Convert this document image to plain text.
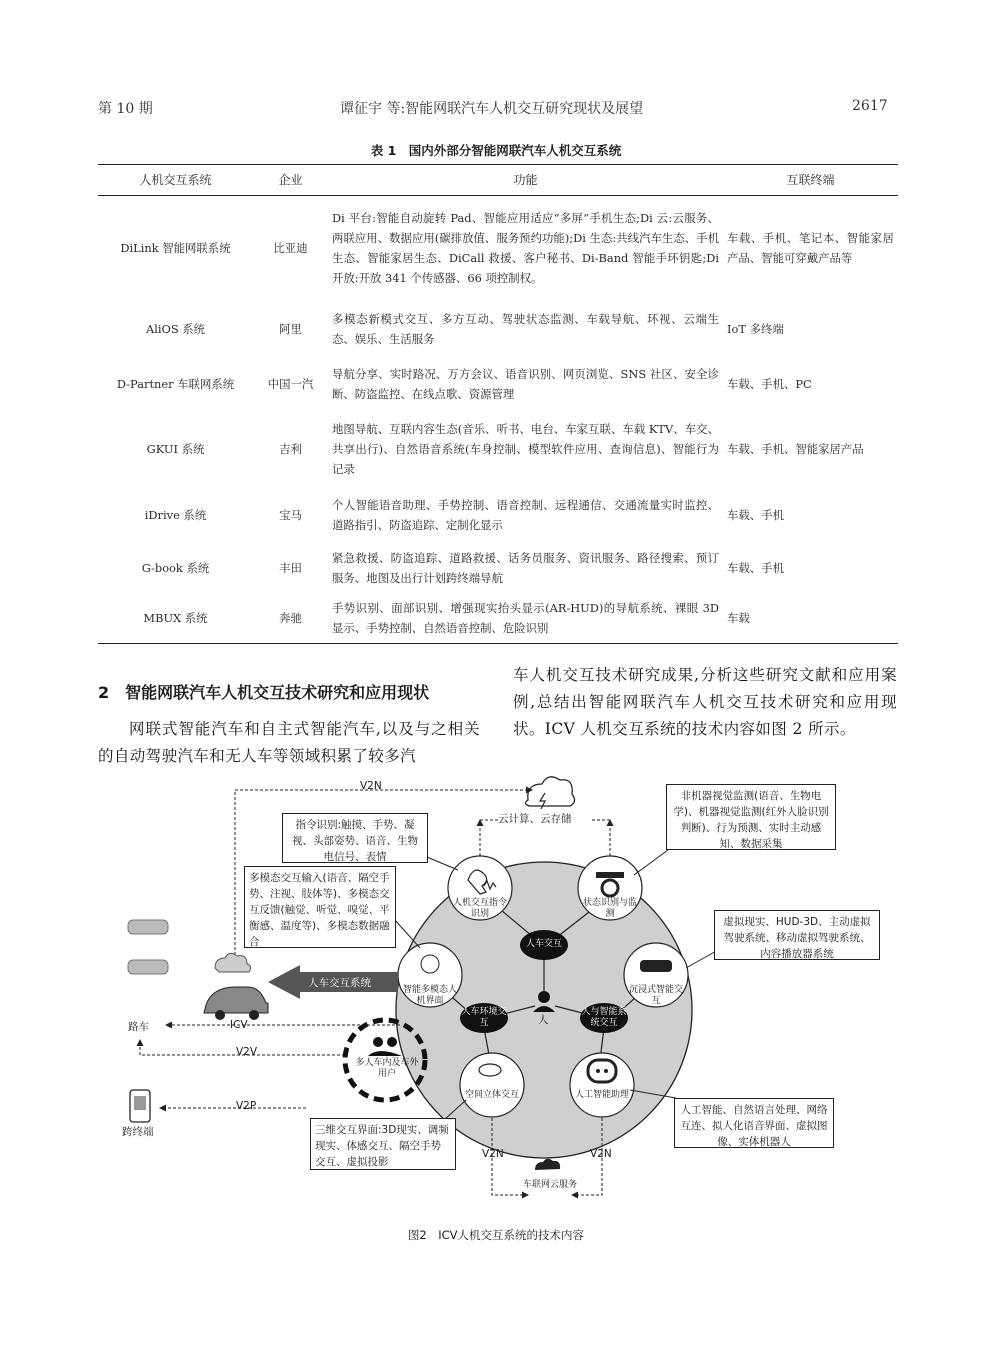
第 10 期	谭征宇 等:智能网联汽车人机交互研究现状及展望	2617
表 1　国内外部分智能网联汽车人机交互系统
人机交互系统	企业	功能	互联终端
DiLink 智能网联系统	比亚迪	Di 平台:智能自动旋转 Pad、智能应用适应“多屏”手机生态;Di 云:云服务、两联应用、数据应用(碳排放值、服务预约功能);Di 生态:共线汽车生态、手机生态、智能家居生态、DiCall 救援、客户秘书、Di-Band 智能手环钥匙;Di 开放:开放 341 个传感器、66 项控制权。	车载、手机、笔记本、智能家居产品、智能可穿戴产品等
AliOS 系统	阿里	多模态新模式交互、多方互动、驾驶状态监测、车载导航、环视、云端生态、娱乐、生活服务	IoT 多终端
D-Partner 车联网系统	中国一汽	导航分享、实时路况、万方会议、语音识别、网页浏览、SNS 社区、安全诊断、防盗监控、在线点歌、资源管理	车载、手机、PC
GKUI 系统	吉利	地图导航、互联内容生态(音乐、听书、电台、车家互联、车载 KTV、车交、共享出行)、自然语音系统(车身控制、模型软件应用、查询信息)、智能行为记录	车载、手机、智能家居产品
iDrive 系统	宝马	个人智能语音助理、手势控制、语音控制、远程通信、交通流量实时监控、道路指引、防盗追踪、定制化显示	车载、手机
G-book 系统	丰田	紧急救援、防盗追踪、道路救援、话务员服务、资讯服务、路径搜索、预订服务、地图及出行计划跨终端导航	车载、手机
MBUX 系统	奔驰	手势识别、面部识别、增强现实抬头显示(AR-HUD)的导航系统、裸眼 3D 显示、手势控制、自然语音控制、危险识别	车载
2　智能网联汽车人机交互技术研究和应用现状
网联式智能汽车和自主式智能汽车,以及与之相关的自动驾驶汽车和无人车等领域积累了较多汽
车人机交互技术研究成果,分析这些研究文献和应用案例,总结出智能网联汽车人机交互技术研究和应用现状。ICV 人机交互系统的技术内容如图 2 所示。
云计算、云存储
V2N
指令识别:触摸、手势、凝视、头部姿势、语音、生物电信号、表情
多模态交互输入(语音、隔空手势、注视、肢体等)、多模态交互反馈(触觉、听觉、嗅觉、平衡感、温度等)、多模态数据融合
非机器视觉监测(语音、生物电学)、机器视觉监测(红外人脸识别判断)、行为预测、实时主动感知、数据采集
虚拟现实、HUD-3D、主动虚拟驾驶系统、移动虚拟驾驶系统、内容播放器系统
人工智能、自然语言处理、网络互连、拟人化语音界面、虚拟图像、实体机器人
三维交互界面:3D现实、调频现实、体感交互、隔空手势交互、虚拟投影
人机交互指令识别
状态识别与监测
智能多模态人机界面
沉浸式智能交互
空间立体交互	人工智能助理
人车交互
人车环境交互
人与智能系统交互
人
人车交互系统
ICV
路车
V2V
V2P
跨终端
多人车内及车外用户
V2N	V2N
车联网云服务
图2　ICV人机交互系统的技术内容
